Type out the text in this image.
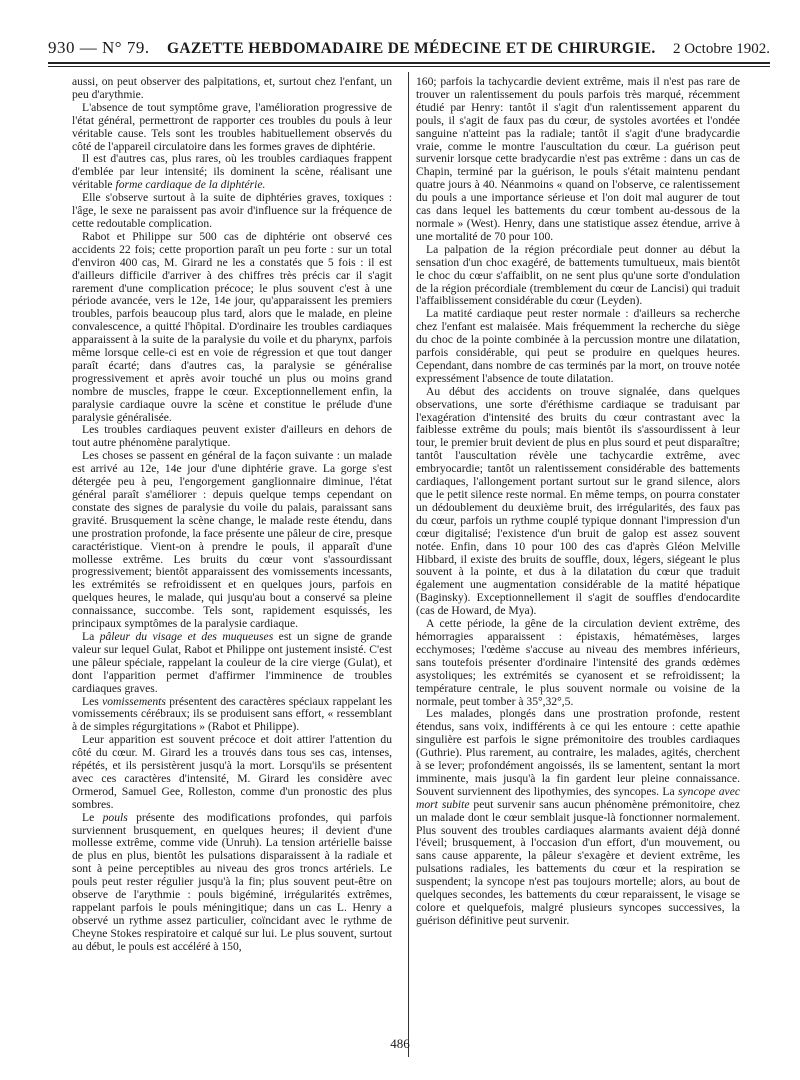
930 — N° 79. GAZETTE HEBDOMADAIRE DE MÉDECINE ET DE CHIRURGIE. 2 Octobre 1902.

aussi, on peut observer des palpitations, et, surtout chez l'enfant, un peu d'arythmie.

L'absence de tout symptôme grave, l'amélioration progressive de l'état général, permettront de rapporter ces troubles du pouls à leur véritable cause. Tels sont les troubles habituellement observés du côté de l'appareil circulatoire dans les formes graves de diphtérie.

Il est d'autres cas, plus rares, où les troubles cardiaques frappent d'emblée par leur intensité; ils dominent la scène, réalisant une véritable forme cardiaque de la diphtérie.

Elle s'observe surtout à la suite de diphtéries graves, toxiques : l'âge, le sexe ne paraissent pas avoir d'influence sur la fréquence de cette redoutable complication.

Rabot et Philippe sur 500 cas de diphtérie ont observé ces accidents 22 fois; cette proportion paraît un peu forte : sur un total d'environ 400 cas, M. Girard ne les a constatés que 5 fois : il est d'ailleurs difficile d'arriver à des chiffres très précis car il s'agit rarement d'une complication précoce; le plus souvent c'est à une période avancée, vers le 12e, 14e jour, qu'apparaissent les premiers troubles, parfois beaucoup plus tard, alors que le malade, en pleine convalescence, a quitté l'hôpital. D'ordinaire les troubles cardiaques apparaissent à la suite de la paralysie du voile et du pharynx, parfois même lorsque celle-ci est en voie de régression et que tout danger paraît écarté; dans d'autres cas, la paralysie se généralise progressivement et après avoir touché un plus ou moins grand nombre de muscles, frappe le cœur. Exceptionnellement enfin, la paralysie cardiaque ouvre la scène et constitue le prélude d'une paralysie généralisée.

Les troubles cardiaques peuvent exister d'ailleurs en dehors de tout autre phénomène paralytique.

Les choses se passent en général de la façon suivante : un malade est arrivé au 12e, 14e jour d'une diphtérie grave. La gorge s'est détergée peu à peu, l'engorgement ganglionnaire diminue, l'état général paraît s'améliorer : depuis quelque temps cependant on constate des signes de paralysie du voile du palais, paraissant sans gravité. Brusquement la scène change, le malade reste étendu, dans une prostration profonde, la face présente une pâleur de cire, presque caractéristique. Vient-on à prendre le pouls, il apparaît d'une mollesse extrême. Les bruits du cœur vont s'assourdissant progressivement; bientôt apparaissent des vomissements incessants, les extrémités se refroidissent et en quelques jours, parfois en quelques heures, le malade, qui jusqu'au bout a conservé sa pleine connaissance, succombe. Tels sont, rapidement esquissés, les principaux symptômes de la paralysie cardiaque.

La pâleur du visage et des muqueuses est un signe de grande valeur sur lequel Gulat, Rabot et Philippe ont justement insisté. C'est une pâleur spéciale, rappelant la couleur de la cire vierge (Gulat), et dont l'apparition permet d'affirmer l'imminence de troubles cardiaques graves.

Les vomissements présentent des caractères spéciaux rappelant les vomissements cérébraux; ils se produisent sans effort, « ressemblant à de simples régurgitations » (Rabot et Philippe).

Leur apparition est souvent précoce et doit attirer l'attention du côté du cœur. M. Girard les a trouvés dans tous ses cas, intenses, répétés, et ils persistèrent jusqu'à la mort. Lorsqu'ils se présentent avec ces caractères d'intensité, M. Girard les considère avec Ormerod, Samuel Gee, Rolleston, comme d'un pronostic des plus sombres.

Le pouls présente des modifications profondes, qui parfois surviennent brusquement, en quelques heures; il devient d'une mollesse extrême, comme vide (Unruh). La tension artérielle baisse de plus en plus, bientôt les pulsations disparaissent à la radiale et sont à peine perceptibles au niveau des gros troncs artériels. Le pouls peut rester régulier jusqu'à la fin; plus souvent peut-être on observe de l'arythmie : pouls bigéminé, irrégularités extrêmes, rappelant parfois le pouls méningitique; dans un cas L. Henry a observé un rythme assez particulier, coïncidant avec le rythme de Cheyne Stokes respiratoire et calqué sur lui. Le plus souvent, surtout au début, le pouls est accéléré à 150,

160; parfois la tachycardie devient extrême, mais il n'est pas rare de trouver un ralentissement du pouls parfois très marqué, récemment étudié par Henry: tantôt il s'agit d'un ralentissement apparent du pouls, il s'agit de faux pas du cœur, de systoles avortées et l'ondée sanguine n'atteint pas la radiale; tantôt il s'agit d'une bradycardie vraie, comme le montre l'auscultation du cœur. La guérison peut survenir lorsque cette bradycardie n'est pas extrême : dans un cas de Chapin, terminé par la guérison, le pouls s'était maintenu pendant quatre jours à 40. Néanmoins « quand on l'observe, ce ralentissement du pouls a une importance sérieuse et l'on doit mal augurer de tout cas dans lequel les battements du cœur tombent au-dessous de la normale » (West). Henry, dans une statistique assez étendue, arrive à une mortalité de 70 pour 100.

La palpation de la région précordiale peut donner au début la sensation d'un choc exagéré, de battements tumultueux, mais bientôt le choc du cœur s'affaiblit, on ne sent plus qu'une sorte d'ondulation de la région précordiale (tremblement du cœur de Lancisi) qui traduit l'affaiblissement considérable du cœur (Leyden).

La matité cardiaque peut rester normale : d'ailleurs sa recherche chez l'enfant est malaisée. Mais fréquemment la recherche du siège du choc de la pointe combinée à la percussion montre une dilatation, parfois considérable, qui peut se produire en quelques heures. Cependant, dans nombre de cas terminés par la mort, on trouve notée expressément l'absence de toute dilatation.

Au début des accidents on trouve signalée, dans quelques observations, une sorte d'éréthisme cardiaque se traduisant par l'exagération d'intensité des bruits du cœur contrastant avec la faiblesse extrême du pouls; mais bientôt ils s'assourdissent à leur tour, le premier bruit devient de plus en plus sourd et peut disparaître; tantôt l'auscultation révèle une tachycardie extrême, avec embryocardie; tantôt un ralentissement considérable des battements cardiaques, l'allongement portant surtout sur le grand silence, alors que le petit silence reste normal. En même temps, on pourra constater un dédoublement du deuxième bruit, des irrégularités, des faux pas du cœur, parfois un rythme couplé typique donnant l'impression d'un cœur digitalisé; l'existence d'un bruit de galop est assez souvent notée. Enfin, dans 10 pour 100 des cas d'après Gléon Melville Hibbard, il existe des bruits de souffle, doux, légers, siégeant le plus souvent à la pointe, et dus à la dilatation du cœur que traduit également une augmentation considérable de la matité hépatique (Baginsky). Exceptionnellement il s'agit de souffles d'endocardite (cas de Howard, de Mya).

A cette période, la gêne de la circulation devient extrême, des hémorragies apparaissent : épistaxis, hématémèses, larges ecchymoses; l'œdème s'accuse au niveau des membres inférieurs, sans toutefois présenter d'ordinaire l'intensité des grands œdèmes asystoliques; les extrémités se cyanosent et se refroidissent; la température centrale, le plus souvent normale ou voisine de la normale, peut tomber à 35°,32°,5.

Les malades, plongés dans une prostration profonde, restent étendus, sans voix, indifférents à ce qui les entoure : cette apathie singulière est parfois le signe prémonitoire des troubles cardiaques (Guthrie). Plus rarement, au contraire, les malades, agités, cherchent à se lever; profondément angoissés, ils se lamentent, sentant la mort imminente, mais jusqu'à la fin gardent leur pleine connaissance. Souvent surviennent des lipothymies, des syncopes. La syncope avec mort subite peut survenir sans aucun phénomène prémonitoire, chez un malade dont le cœur semblait jusque-là fonctionner normalement. Plus souvent des troubles cardiaques alarmants avaient déjà donné l'éveil; brusquement, à l'occasion d'un effort, d'un mouvement, ou sans cause apparente, la pâleur s'exagère et devient extrême, les pulsations radiales, les battements du cœur et la respiration se suspendent; la syncope n'est pas toujours mortelle; alors, au bout de quelques secondes, les battements du cœur reparaissent, le visage se colore et quelquefois, malgré plusieurs syncopes successives, la guérison définitive peut survenir.

486
